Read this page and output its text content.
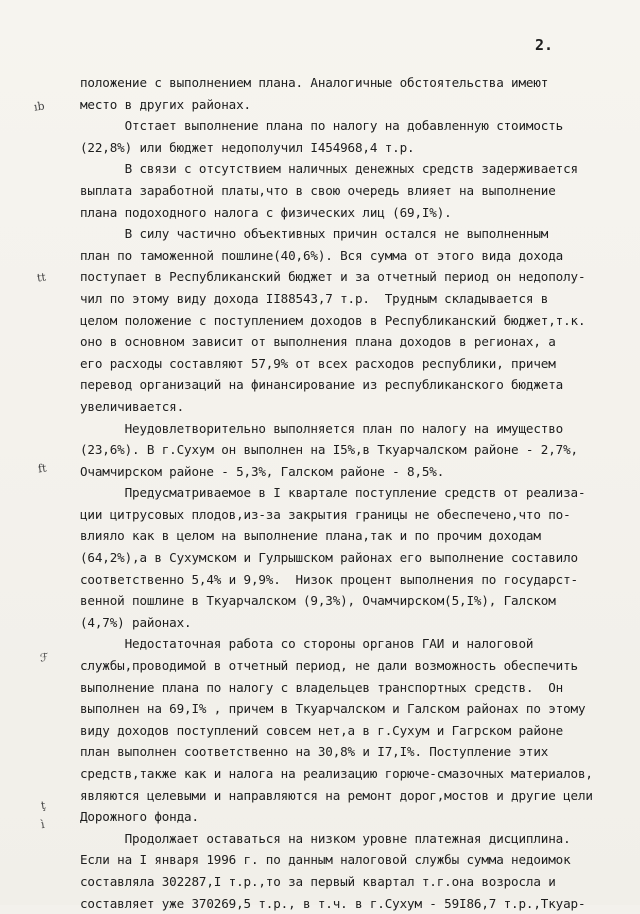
2.
ıb
tt
ft
ℱ
ţ
ì
положение с выполнением плана. Аналогичные обстоятельства имеют
место в других районах.
Отстает выполнение плана по налогу на добавленную стоимость
(22,8%) или бюджет недополучил I454968,4 т.р.
В связи с отсутствием наличных денежных средств задерживается
выплата заработной платы,что в свою очередь влияет на выполнение
плана подоходного налога с физических лиц (69,I%).
В силу частично объективных причин остался не выполненным
план по таможенной пошлине(40,6%). Вся сумма от этого вида дохода
поступает в Республиканский бюджет и за отчетный период он недополу-
чил по этому виду дохода II88543,7 т.р.  Трудным складывается в
целом положение с поступлением доходов в Республиканский бюджет,т.к.
оно в основном зависит от выполнения плана доходов в регионах, а
его расходы составляют 57,9% от всех расходов республики, причем
перевод организаций на финансирование из республиканского бюджета
увеличивается.
Неудовлетворительно выполняется план по налогу на имущество
(23,6%). В г.Сухум он выполнен на I5%,в Ткуарчалском районе - 2,7%,
Очамчирском районе - 5,3%, Галском районе - 8,5%.
Предусматриваемое в I квартале поступление средств от реализа-
ции цитрусовых плодов,из-за закрытия границы не обеспечено,что по-
влияло как в целом на выполнение плана,так и по прочим доходам
(64,2%),а в Сухумском и Гулрышском районах его выполнение составило
соответственно 5,4% и 9,9%.  Низок процент выполнения по государст-
венной пошлине в Ткуарчалском (9,3%), Очамчирском(5,I%), Галском
(4,7%) районах.
Недостаточная работа со стороны органов ГАИ и налоговой
службы,проводимой в отчетный период, не дали возможность обеспечить
выполнение плана по налогу с владельцев транспортных средств.  Он
выполнен на 69,I% , причем в Ткуарчалском и Галском районах по этому
виду доходов поступлений совсем нет,а в г.Сухум и Гагрском районе
план выполнен соответственно на 30,8% и I7,I%. Поступление этих
средств,также как и налога на реализацию горюче-смазочных материалов,
являются целевыми и направляются на ремонт дорог,мостов и другие цели
Дорожного фонда.
Продолжает оставаться на низком уровне платежная дисциплина.
Если на I января 1996 г. по данным налоговой службы сумма недоимок
составляла 302287,I т.р.,то за первый квартал т.г.она возросла и
составляет уже 370269,5 т.р., в т.ч. в г.Сухум - 59I86,7 т.р.,Ткуар-
